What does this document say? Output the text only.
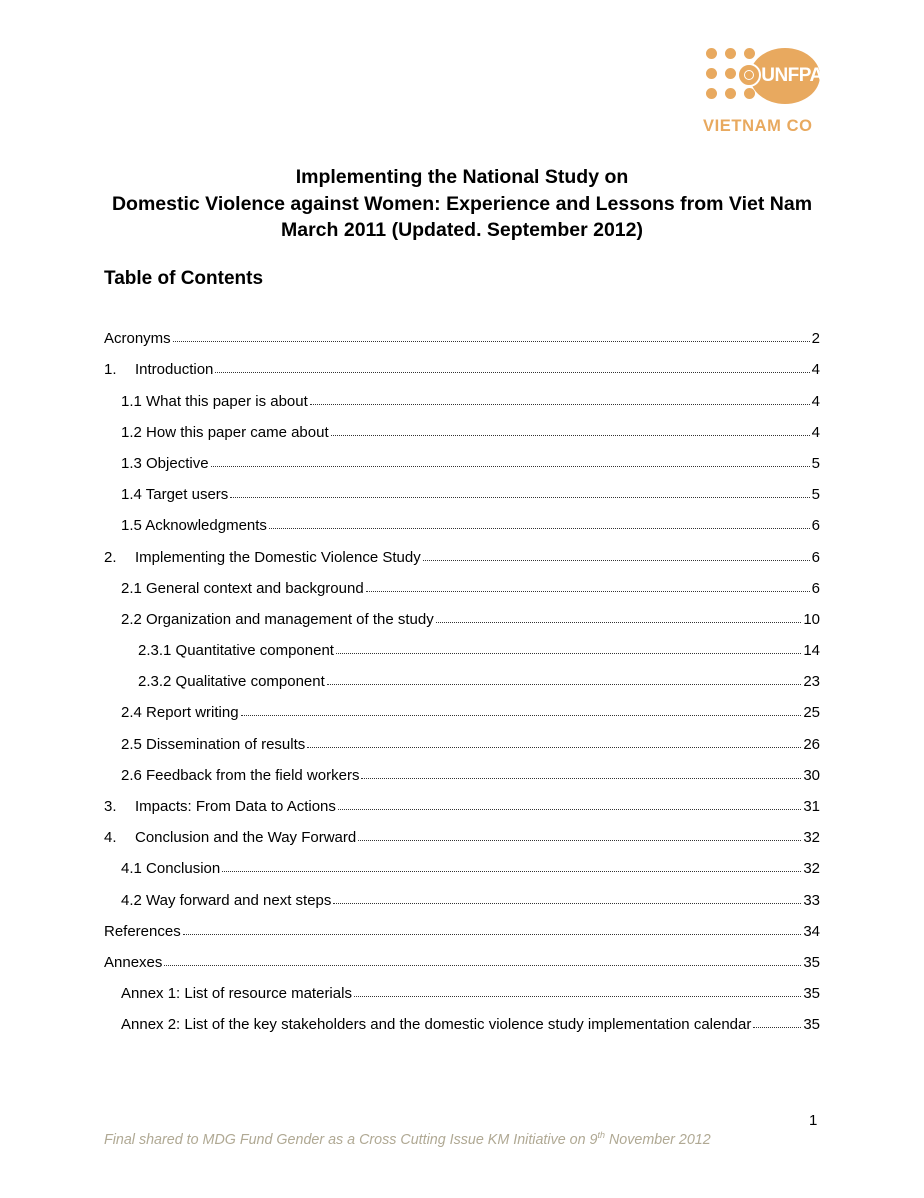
UNFPA
VIETNAM CO
Implementing the National Study on
Domestic Violence against Women: Experience and Lessons from Viet Nam
March 2011 (Updated. September 2012)
Table of Contents
Acronyms	2
1.	Introduction	4
1.1 What this paper is about	4
1.2 How this paper came about	4
1.3 Objective	5
1.4 Target users	5
1.5 Acknowledgments	6
2.	Implementing the Domestic Violence Study	6
2.1 General context and background	6
2.2 Organization and management of the study	10
2.3.1 Quantitative component	14
2.3.2 Qualitative component	23
2.4 Report writing	25
2.5 Dissemination of results	26
2.6 Feedback from the field workers	30
3.	Impacts: From Data to Actions	31
4.	Conclusion and the Way Forward	32
4.1 Conclusion	32
4.2 Way forward and next steps	33
References	34
Annexes	35
Annex 1: List of resource materials	35
Annex 2: List of the key stakeholders and the domestic violence study implementation calendar	35
1
Final shared to MDG Fund Gender as a Cross Cutting Issue KM Initiative on 9th November 2012
